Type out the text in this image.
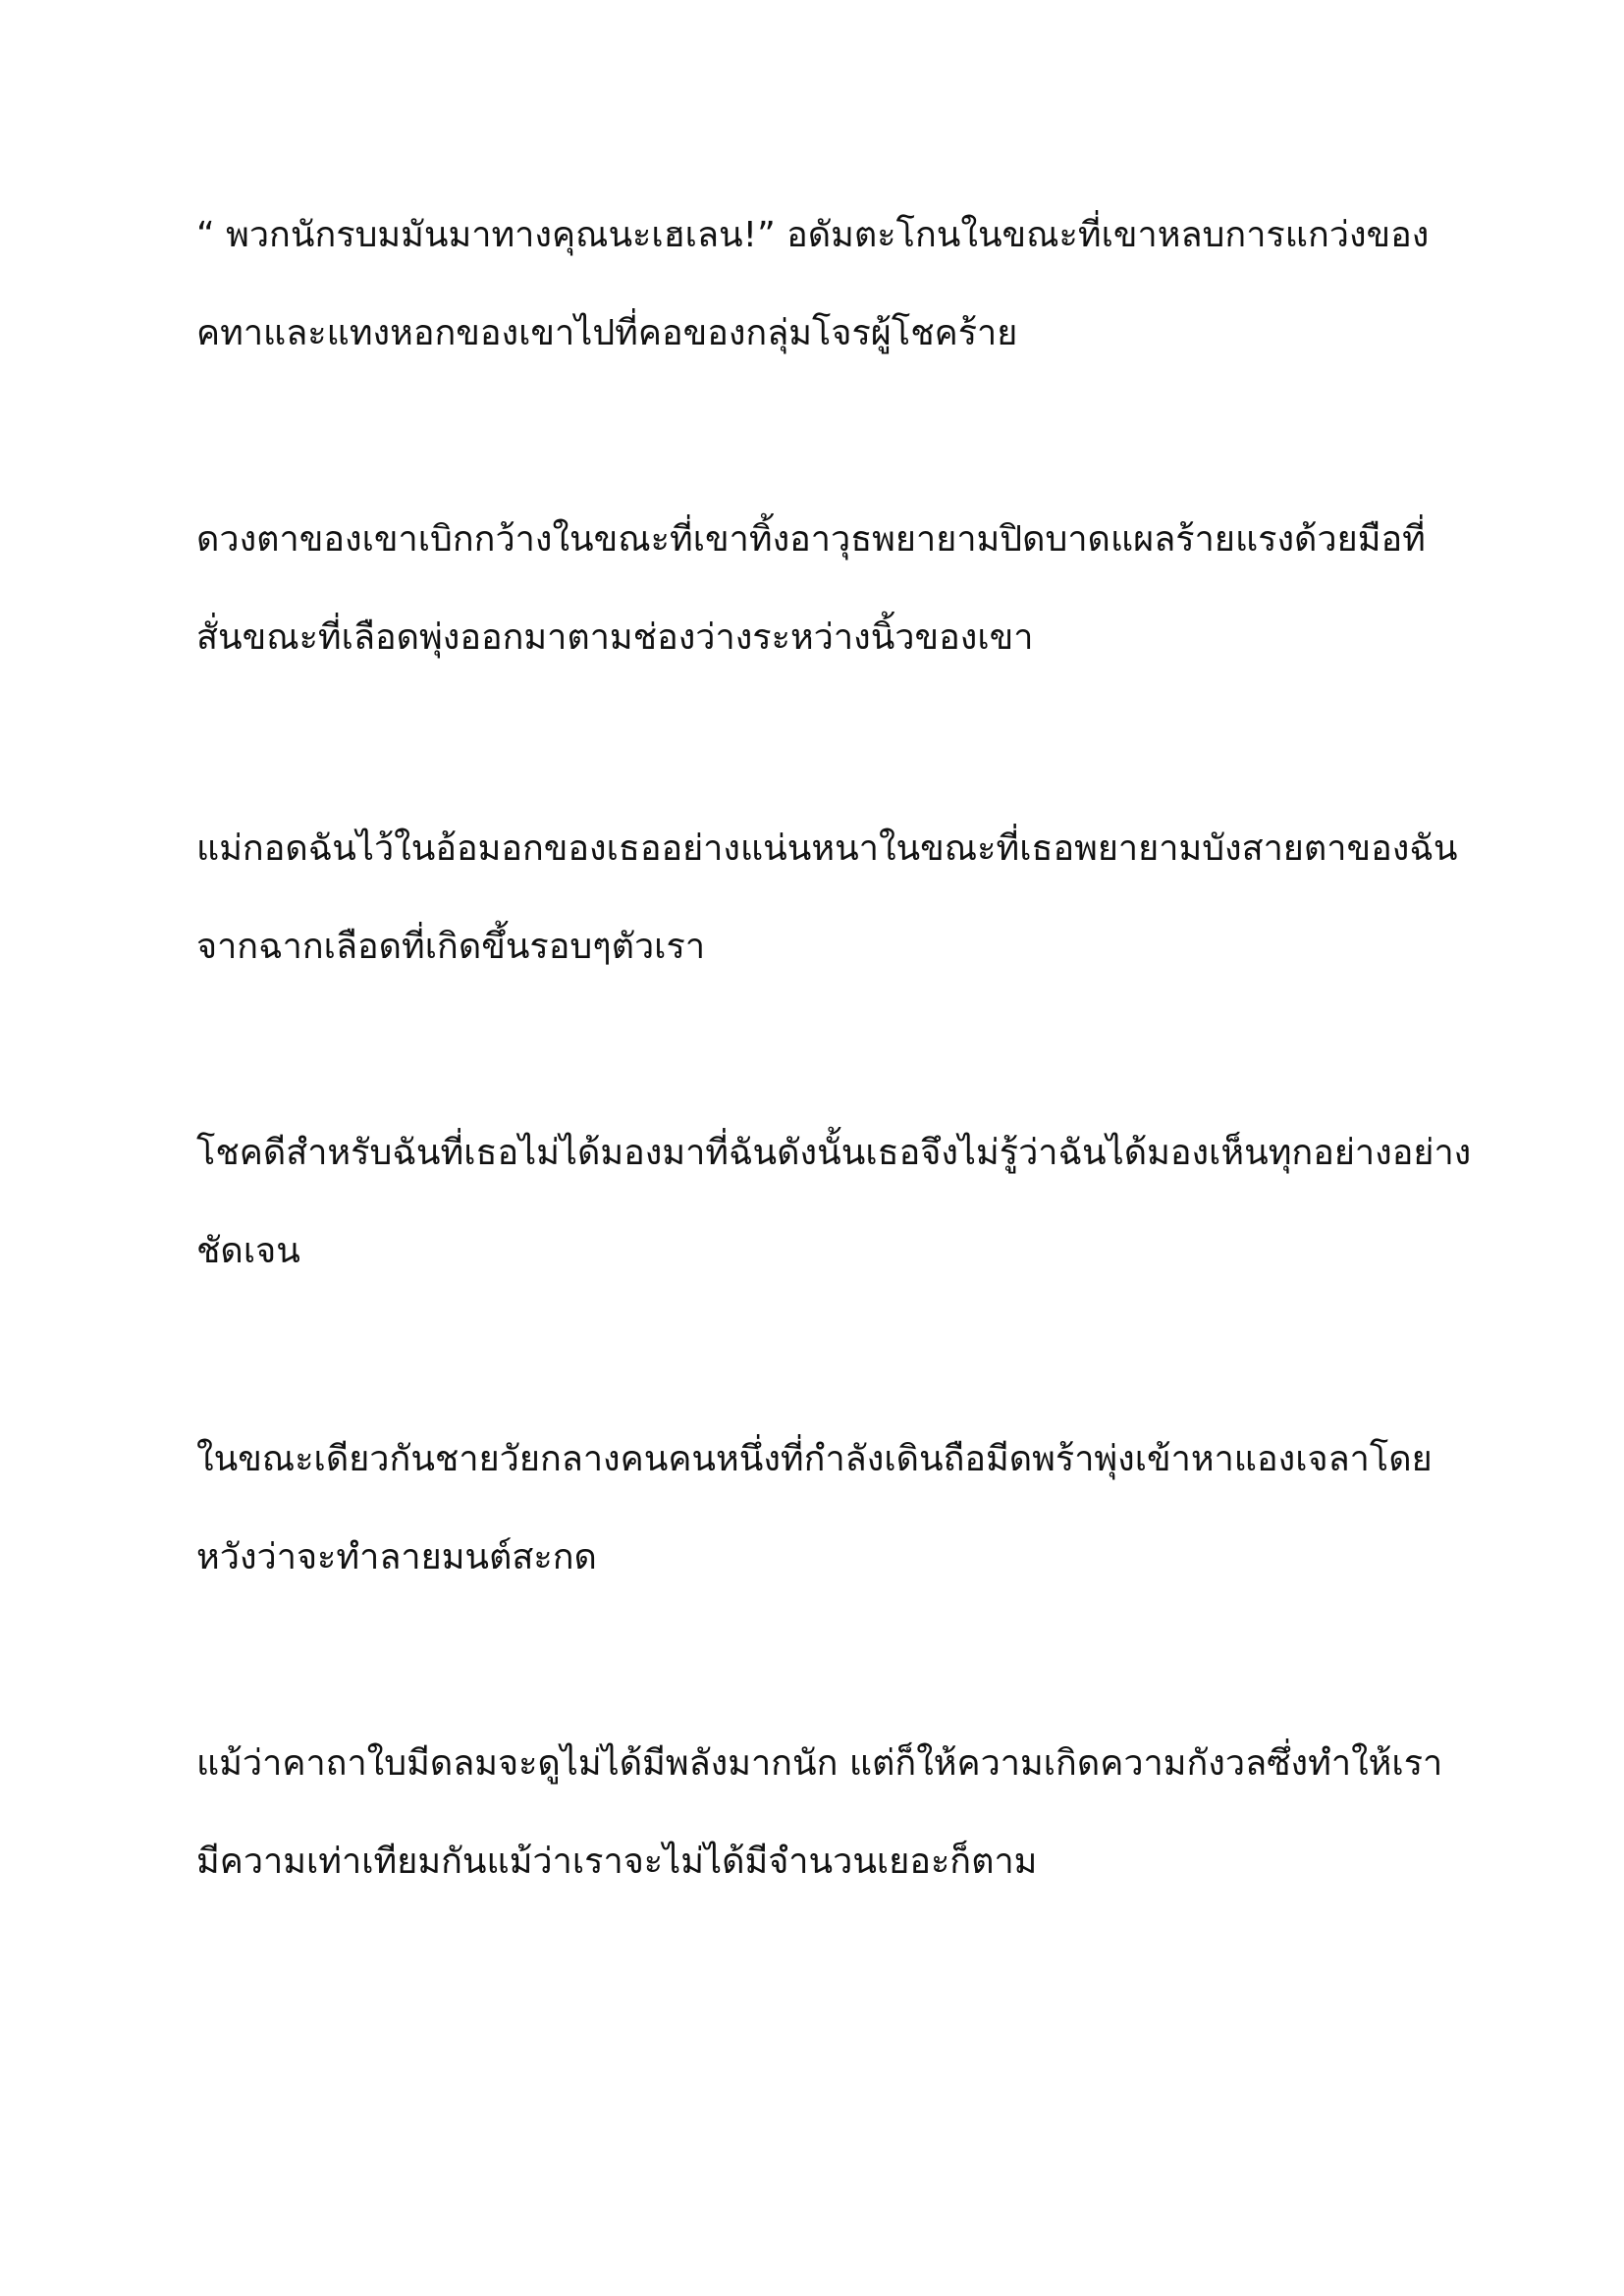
“ พวกนักรบมมันมาทางคุณนะเฮเลน!” อดัมตะโกนในขณะที่เขาหลบการแกว่งของ
คทาและแทงหอกของเขาไปที่คอของกลุ่มโจรผู้โชคร้าย
ดวงตาของเขาเบิกกว้างในขณะที่เขาทิ้งอาวุธพยายามปิดบาดแผลร้ายแรงด้วยมือที่
สั่นขณะที่เลือดพุ่งออกมาตามช่องว่างระหว่างนิ้วของเขา
แม่กอดฉันไว้ในอ้อมอกของเธออย่างแน่นหนาในขณะที่เธอพยายามบังสายตาของฉัน
จากฉากเลือดที่เกิดขึ้นรอบๆตัวเรา
โชคดีสำหรับฉันที่เธอไม่ได้มองมาที่ฉันดังนั้นเธอจึงไม่รู้ว่าฉันได้มองเห็นทุกอย่างอย่าง
ชัดเจน
ในขณะเดียวกันชายวัยกลางคนคนหนึ่งที่กำลังเดินถือมีดพร้าพุ่งเข้าหาแองเจลาโดย
หวังว่าจะทำลายมนต์สะกด
แม้ว่าคาถาใบมีดลมจะดูไม่ได้มีพลังมากนัก แต่ก็ให้ความเกิดความกังวลซึ่งทำให้เรา
มีความเท่าเทียมกันแม้ว่าเราจะไม่ได้มีจำนวนเยอะก็ตาม
